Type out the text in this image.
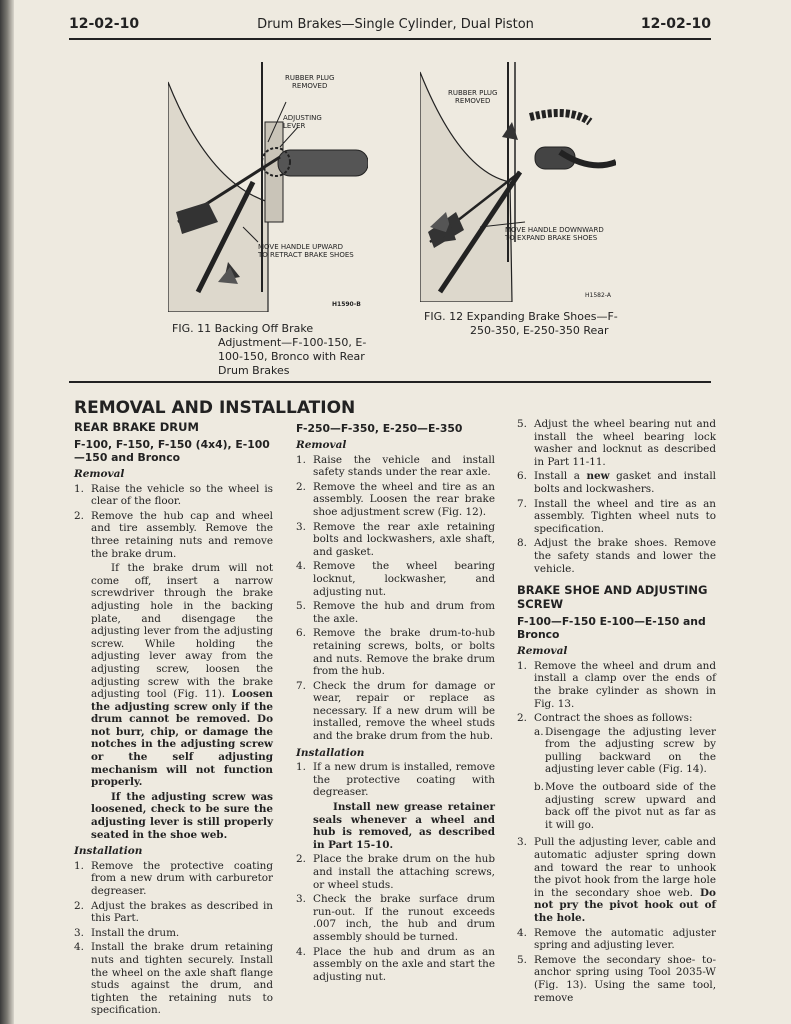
12-02-10	Drum Brakes—Single Cylinder, Dual Piston	12-02-10
RUBBER PLUG
REMOVED
ADJUSTING
LEVER
MOVE HANDLE UPWARD
TO RETRACT BRAKE SHOES
H1590-B
FIG. 11 Backing Off Brake
Adjustment—F-100-150, E-
100-150, Bronco with Rear
Drum Brakes
RUBBER PLUG
REMOVED
MOVE HANDLE DOWNWARD
TO EXPAND BRAKE SHOES
H1582-A
FIG. 12 Expanding Brake Shoes—F-
250-350, E-250-350 Rear
REMOVAL AND INSTALLATION
REAR BRAKE DRUM
F-100, F-150, F-150 (4x4), E-100—150 and Bronco
Removal
1. Raise the vehicle so the wheel is clear of the floor.
2. Remove the hub cap and wheel and tire assembly. Remove the three retaining nuts and remove the brake drum.
If the brake drum will not come off, insert a narrow screwdriver through the brake adjusting hole in the backing plate, and disengage the adjusting lever from the adjusting screw. While holding the adjusting lever away from the adjusting screw, loosen the adjusting screw with the brake adjusting tool (Fig. 11). Loosen the adjusting screw only if the drum cannot be removed. Do not burr, chip, or damage the notches in the adjusting screw or the self adjusting mechanism will not function properly.
If the adjusting screw was loosened, check to be sure the adjusting lever is still properly seated in the shoe web.
Installation
1. Remove the protective coating from a new drum with carburetor degreaser.
2. Adjust the brakes as described in this Part.
3. Install the drum.
4. Install the brake drum retaining nuts and tighten securely. Install the wheel on the axle shaft flange studs against the drum, and tighten the retaining nuts to specification.
F-250—F-350, E-250—E-350
Removal
1. Raise the vehicle and install safety stands under the rear axle.
2. Remove the wheel and tire as an assembly. Loosen the rear brake shoe adjustment screw (Fig. 12).
3. Remove the rear axle retaining bolts and lockwashers, axle shaft, and gasket.
4. Remove the wheel bearing locknut, lockwasher, and adjusting nut.
5. Remove the hub and drum from the axle.
6. Remove the brake drum-to-hub retaining screws, bolts, or bolts and nuts. Remove the brake drum from the hub.
7. Check the drum for damage or wear, repair or replace as necessary. If a new drum will be installed, remove the wheel studs and the brake drum from the hub.
Installation
1. If a new drum is installed, remove the protective coating with degreaser.
Install new grease retainer seals whenever a wheel and hub is removed, as described in Part 15-10.
2. Place the brake drum on the hub and install the attaching screws, or wheel studs.
3. Check the brake surface drum run-out. If the runout exceeds .007 inch, the hub and drum assembly should be turned.
4. Place the hub and drum as an assembly on the axle and start the adjusting nut.
5. Adjust the wheel bearing nut and install the wheel bearing lock washer and locknut as described in Part 11-11.
6. Install a new gasket and install bolts and lockwashers.
7. Install the wheel and tire as an assembly. Tighten wheel nuts to specification.
8. Adjust the brake shoes. Remove the safety stands and lower the vehicle.
BRAKE SHOE AND ADJUSTING SCREW
F-100—F-150 E-100—E-150 and Bronco
Removal
1. Remove the wheel and drum and install a clamp over the ends of the brake cylinder as shown in Fig. 13.
2. Contract the shoes as follows:
a. Disengage the adjusting lever from the adjusting screw by pulling backward on the adjusting lever cable (Fig. 14).
b. Move the outboard side of the adjusting screw upward and back off the pivot nut as far as it will go.
3. Pull the adjusting lever, cable and automatic adjuster spring down and toward the rear to unhook the pivot hook from the large hole in the secondary shoe web. Do not pry the pivot hook out of the hole.
4. Remove the automatic adjuster spring and adjusting lever.
5. Remove the secondary shoe- to-anchor spring using Tool 2035-W (Fig. 13). Using the same tool, remove
